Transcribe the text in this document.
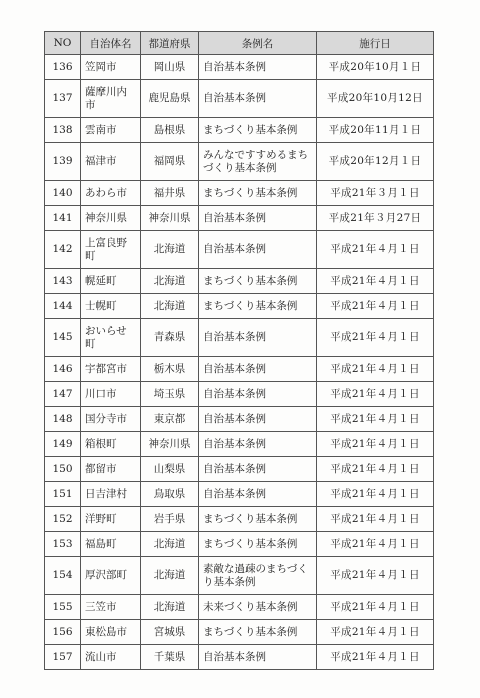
NO	自治体名	都道府県	条例名	施行日
136	笠岡市	岡山県	自治基本条例	平成20年10月１日
137	薩摩川内市	鹿児島県	自治基本条例	平成20年10月12日
138	雲南市	島根県	まちづくり基本条例	平成20年11月１日
139	福津市	福岡県	みんなですすめるまちづくり基本条例	平成20年12月１日
140	あわら市	福井県	まちづくり基本条例	平成21年３月１日
141	神奈川県	神奈川県	自治基本条例	平成21年３月27日
142	上富良野町	北海道	自治基本条例	平成21年４月１日
143	幌延町	北海道	まちづくり基本条例	平成21年４月１日
144	士幌町	北海道	まちづくり基本条例	平成21年４月１日
145	おいらせ町	青森県	自治基本条例	平成21年４月１日
146	宇都宮市	栃木県	自治基本条例	平成21年４月１日
147	川口市	埼玉県	自治基本条例	平成21年４月１日
148	国分寺市	東京都	自治基本条例	平成21年４月１日
149	箱根町	神奈川県	自治基本条例	平成21年４月１日
150	都留市	山梨県	自治基本条例	平成21年４月１日
151	日吉津村	鳥取県	自治基本条例	平成21年４月１日
152	洋野町	岩手県	まちづくり基本条例	平成21年４月１日
153	福島町	北海道	まちづくり基本条例	平成21年４月１日
154	厚沢部町	北海道	素敵な過疎のまちづくり基本条例	平成21年４月１日
155	三笠市	北海道	未来づくり基本条例	平成21年４月１日
156	東松島市	宮城県	まちづくり基本条例	平成21年４月１日
157	流山市	千葉県	自治基本条例	平成21年４月１日
